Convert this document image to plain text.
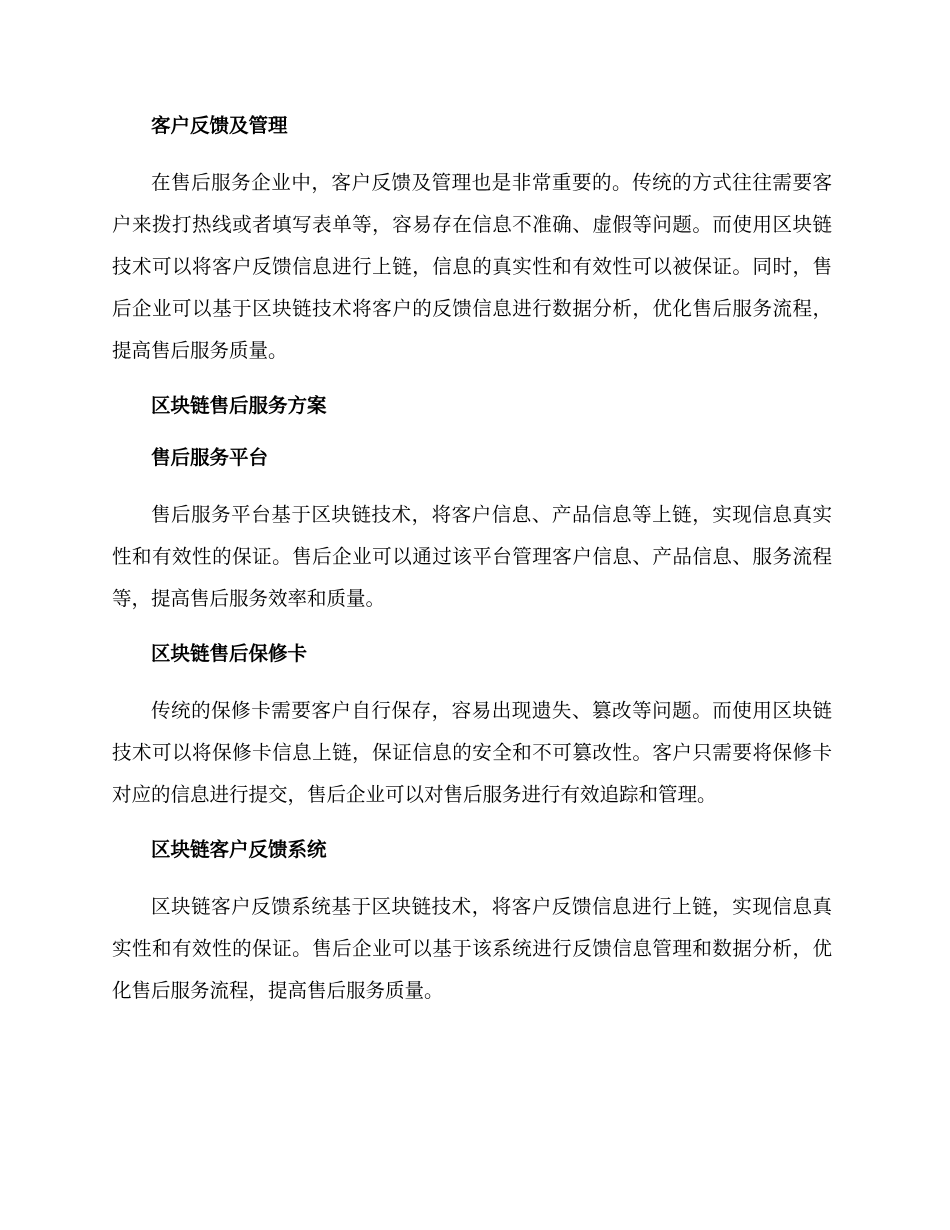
客户反馈及管理

在售后服务企业中，客户反馈及管理也是非常重要的。传统的方式往往需要客户来拨打热线或者填写表单等，容易存在信息不准确、虚假等问题。而使用区块链技术可以将客户反馈信息进行上链，信息的真实性和有效性可以被保证。同时，售后企业可以基于区块链技术将客户的反馈信息进行数据分析，优化售后服务流程，提高售后服务质量。

区块链售后服务方案
售后服务平台

售后服务平台基于区块链技术，将客户信息、产品信息等上链，实现信息真实性和有效性的保证。售后企业可以通过该平台管理客户信息、产品信息、服务流程等，提高售后服务效率和质量。

区块链售后保修卡

传统的保修卡需要客户自行保存，容易出现遗失、篡改等问题。而使用区块链技术可以将保修卡信息上链，保证信息的安全和不可篡改性。客户只需要将保修卡对应的信息进行提交，售后企业可以对售后服务进行有效追踪和管理。

区块链客户反馈系统

区块链客户反馈系统基于区块链技术，将客户反馈信息进行上链，实现信息真实性和有效性的保证。售后企业可以基于该系统进行反馈信息管理和数据分析，优化售后服务流程，提高售后服务质量。
